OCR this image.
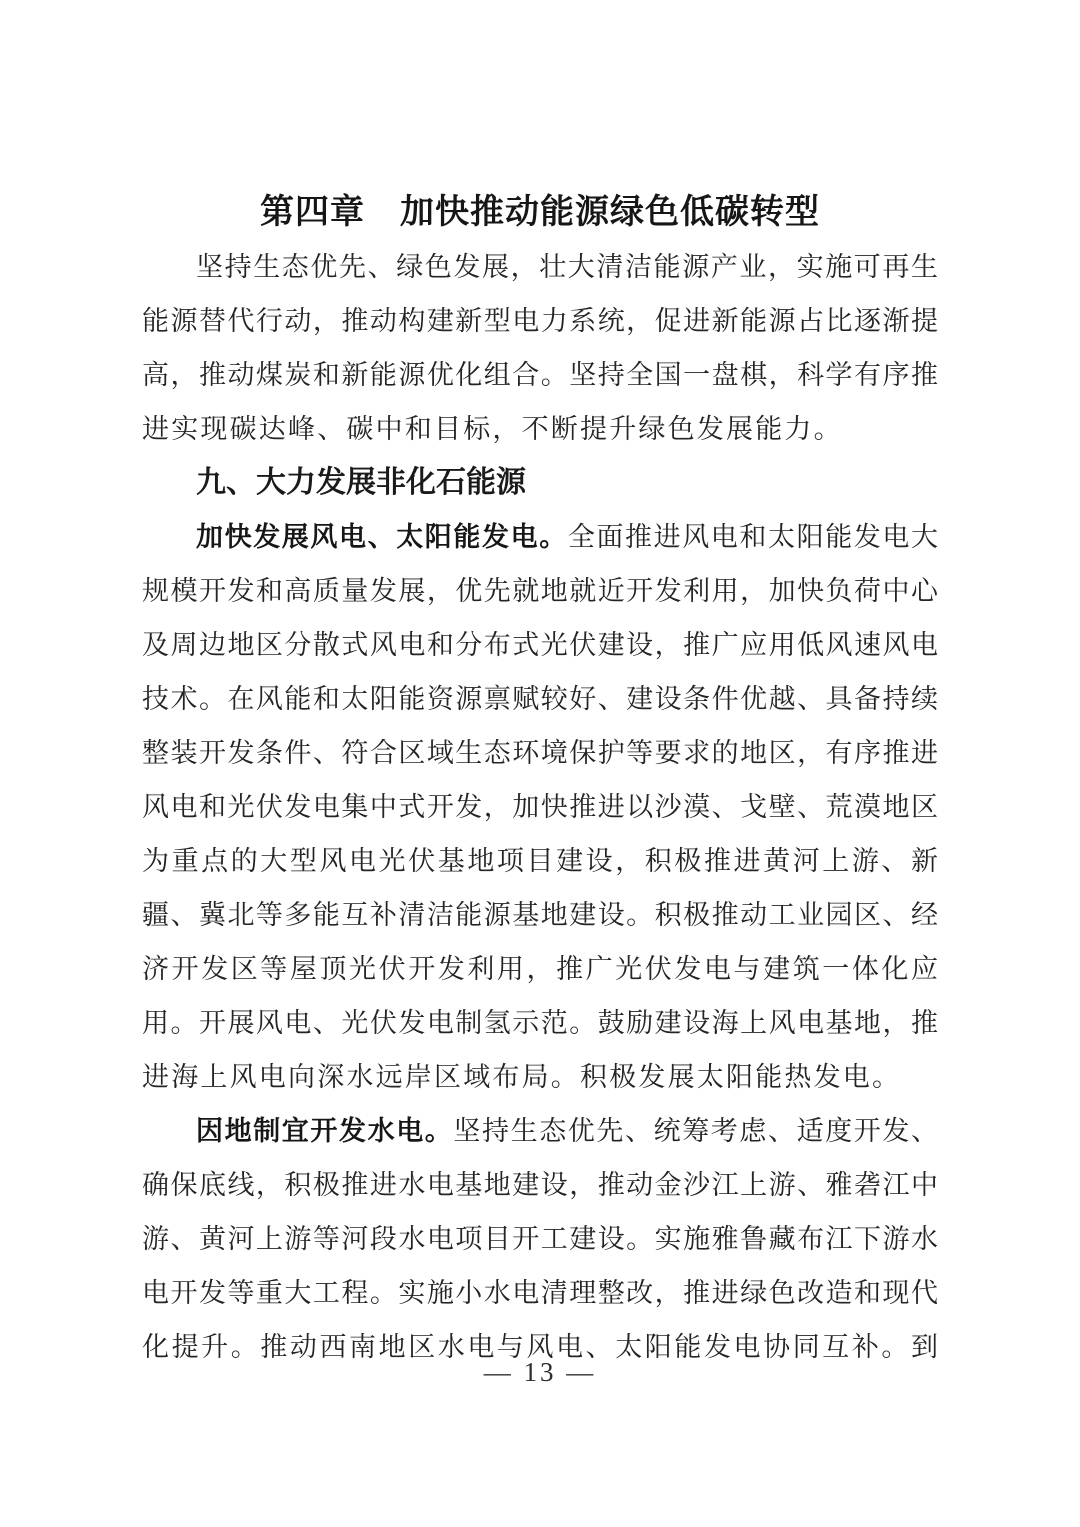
第四章　加快推动能源绿色低碳转型
坚持生态优先、绿色发展，壮大清洁能源产业，实施可再生
能源替代行动，推动构建新型电力系统，促进新能源占比逐渐提
高，推动煤炭和新能源优化组合。坚持全国一盘棋，科学有序推
进实现碳达峰、碳中和目标，不断提升绿色发展能力。
九、大力发展非化石能源
加快发展风电、太阳能发电。全面推进风电和太阳能发电大
规模开发和高质量发展，优先就地就近开发利用，加快负荷中心
及周边地区分散式风电和分布式光伏建设，推广应用低风速风电
技术。在风能和太阳能资源禀赋较好、建设条件优越、具备持续
整装开发条件、符合区域生态环境保护等要求的地区，有序推进
风电和光伏发电集中式开发，加快推进以沙漠、戈壁、荒漠地区
为重点的大型风电光伏基地项目建设，积极推进黄河上游、新
疆、冀北等多能互补清洁能源基地建设。积极推动工业园区、经
济开发区等屋顶光伏开发利用，推广光伏发电与建筑一体化应
用。开展风电、光伏发电制氢示范。鼓励建设海上风电基地，推
进海上风电向深水远岸区域布局。积极发展太阳能热发电。
因地制宜开发水电。坚持生态优先、统筹考虑、适度开发、
确保底线，积极推进水电基地建设，推动金沙江上游、雅砻江中
游、黄河上游等河段水电项目开工建设。实施雅鲁藏布江下游水
电开发等重大工程。实施小水电清理整改，推进绿色改造和现代
化提升。推动西南地区水电与风电、太阳能发电协同互补。到
— 13 —
